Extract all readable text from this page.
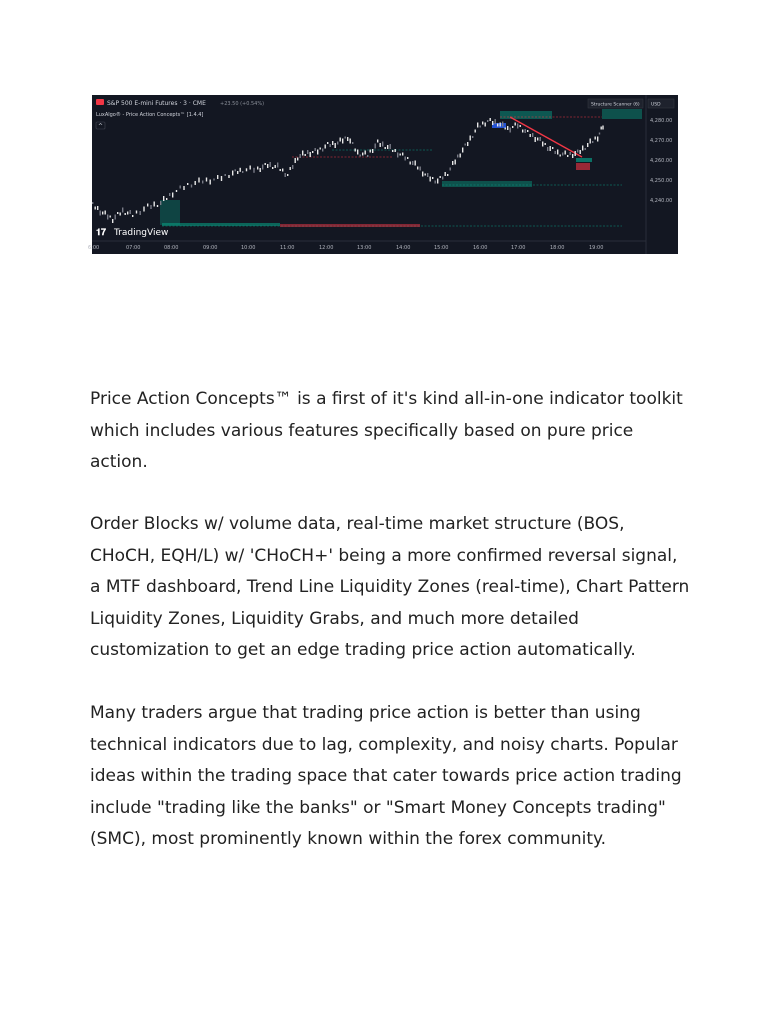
S&P 500 E-mini Futures · 3 · CME	+23.50 (+0.54%)
LuxAlgo® - Price Action Concepts™ [1.4.4]
^
Structure Scanner (6)	USD
4,280.00
4,270.00
4,260.00
4,250.00
4,240.00
6:00	07:00	08:00	09:00	10:00	11:00	12:00	13:00	14:00	15:00	16:00	17:00	18:00	19:00
𝟏𝟕 TradingView

Price Action Concepts™ is a first of it's kind all-in-one indicator toolkit which includes various features specifically based on pure price action.

Order Blocks w/ volume data, real-time market structure (BOS, CHoCH, EQH/L) w/ 'CHoCH+' being a more confirmed reversal signal, a MTF dashboard, Trend Line Liquidity Zones (real-time), Chart Pattern Liquidity Zones, Liquidity Grabs, and much more detailed customization to get an edge trading price action automatically.

Many traders argue that trading price action is better than using technical indicators due to lag, complexity, and noisy charts. Popular ideas within the trading space that cater towards price action trading include "trading like the banks" or "Smart Money Concepts trading" (SMC), most prominently known within the forex community.
